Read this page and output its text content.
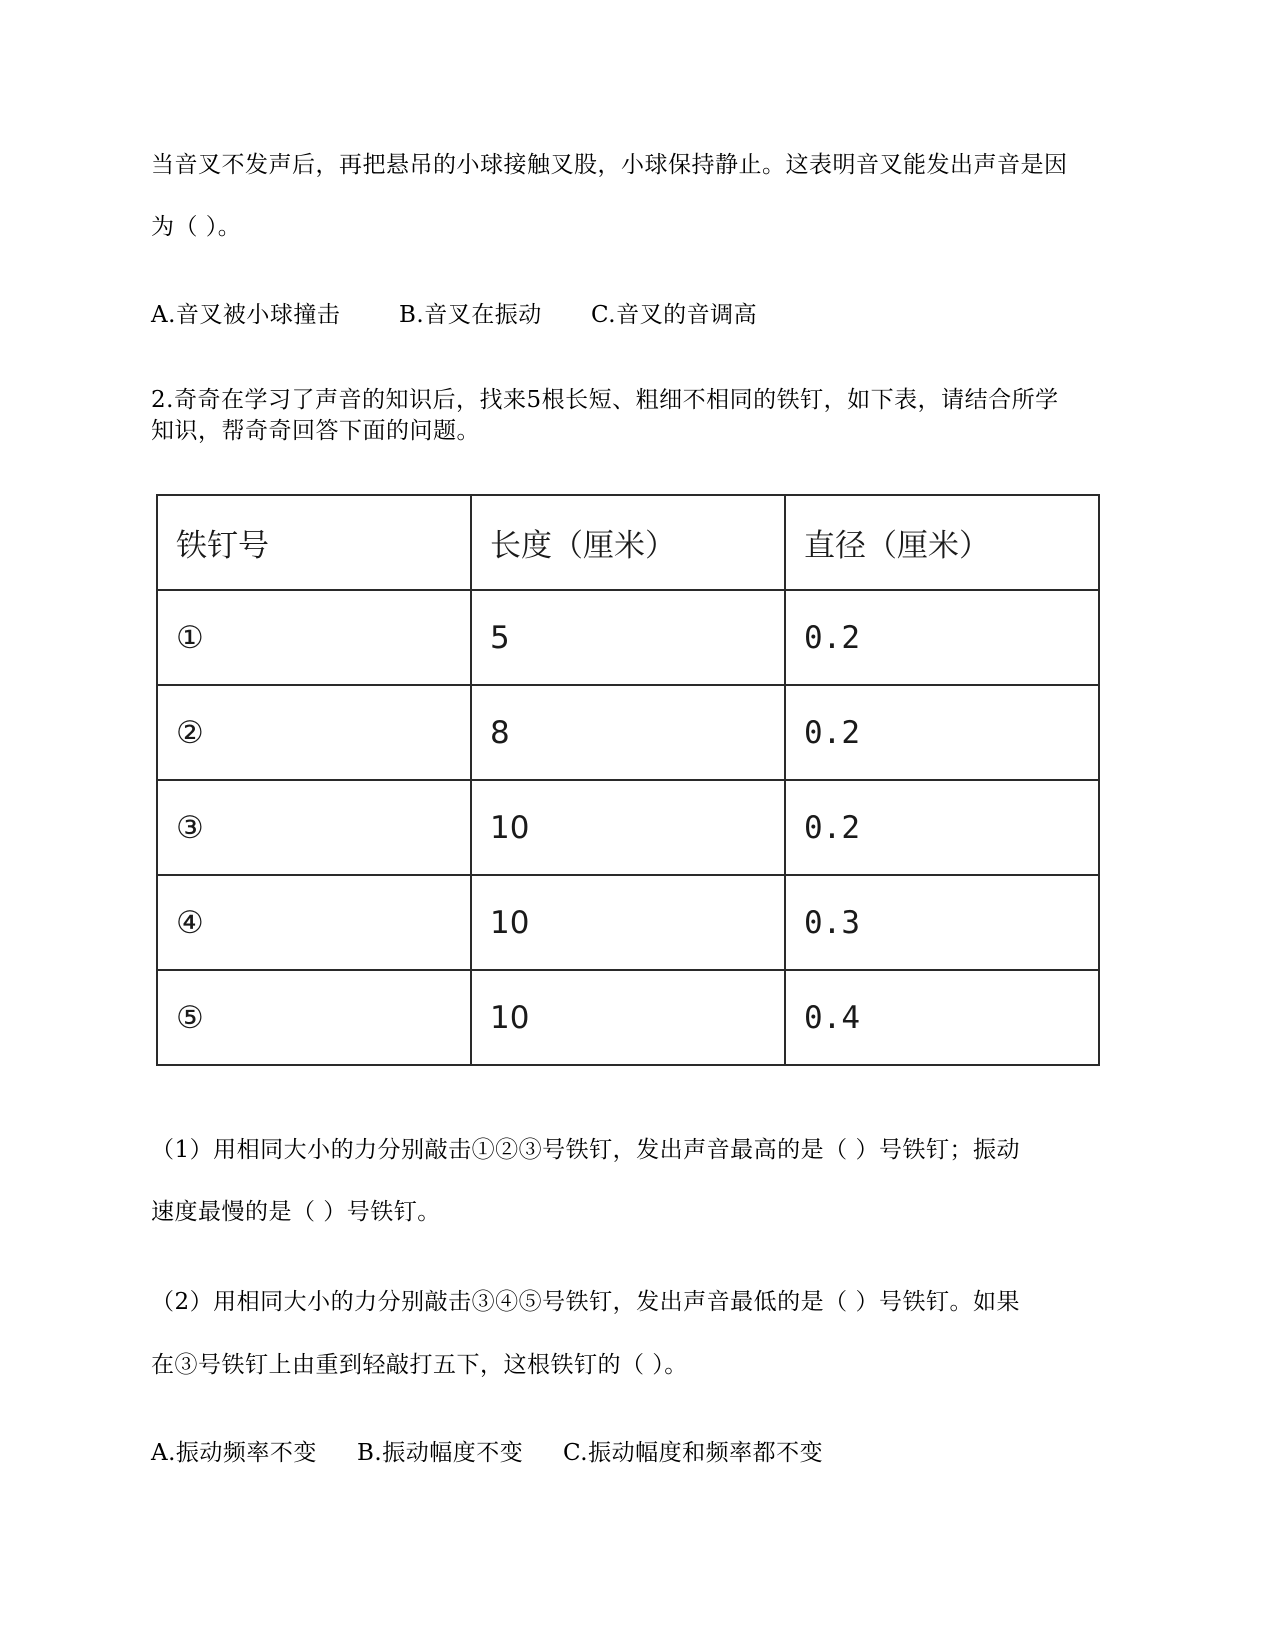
当音叉不发声后，再把悬吊的小球接触叉股，小球保持静止。这表明音叉能发出声音是因
为（ ）。
A.音叉被小球撞击	B.音叉在振动 C.音叉的音调高
2.奇奇在学习了声音的知识后，找来5根长短、粗细不相同的铁钉，如下表，请结合所学
知识，帮奇奇回答下面的问题。
铁钉号	长度（厘米）	直径（厘米）
①	5	0.2
②	8	0.2
③	10	0.2
④	10	0.3
⑤	10	0.4
（1）用相同大小的力分别敲击①②③号铁钉，发出声音最高的是（ ）号铁钉；振动
速度最慢的是（ ）号铁钉。
（2）用相同大小的力分别敲击③④⑤号铁钉，发出声音最低的是（ ）号铁钉。如果
在③号铁钉上由重到轻敲打五下，这根铁钉的（ ）。
A.振动频率不变 B.振动幅度不变 C.振动幅度和频率都不变
